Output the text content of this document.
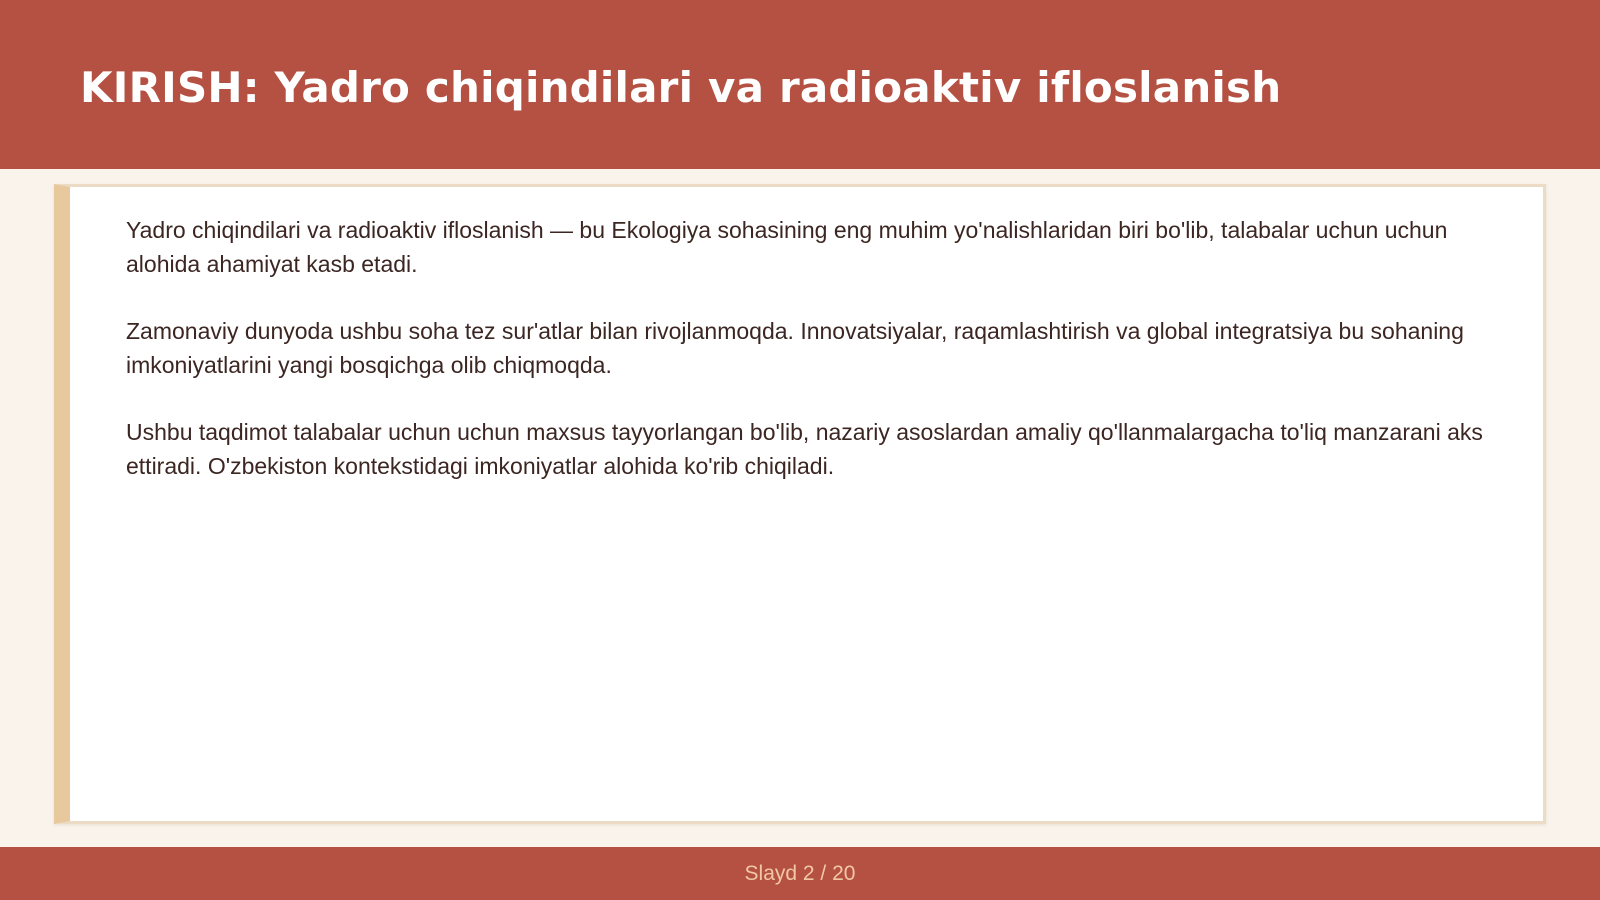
KIRISH: Yadro chiqindilari va radioaktiv ifloslanish

Yadro chiqindilari va radioaktiv ifloslanish — bu Ekologiya sohasining eng muhim yo'nalishlaridan biri bo'lib, talabalar uchun uchun alohida ahamiyat kasb etadi.

Zamonaviy dunyoda ushbu soha tez sur'atlar bilan rivojlanmoqda. Innovatsiyalar, raqamlashtirish va global integratsiya bu sohaning imkoniyatlarini yangi bosqichga olib chiqmoqda.

Ushbu taqdimot talabalar uchun uchun maxsus tayyorlangan bo'lib, nazariy asoslardan amaliy qo'llanmalargacha to'liq manzarani aks ettiradi. O'zbekiston kontekstidagi imkoniyatlar alohida ko'rib chiqiladi.

Slayd 2 / 20
